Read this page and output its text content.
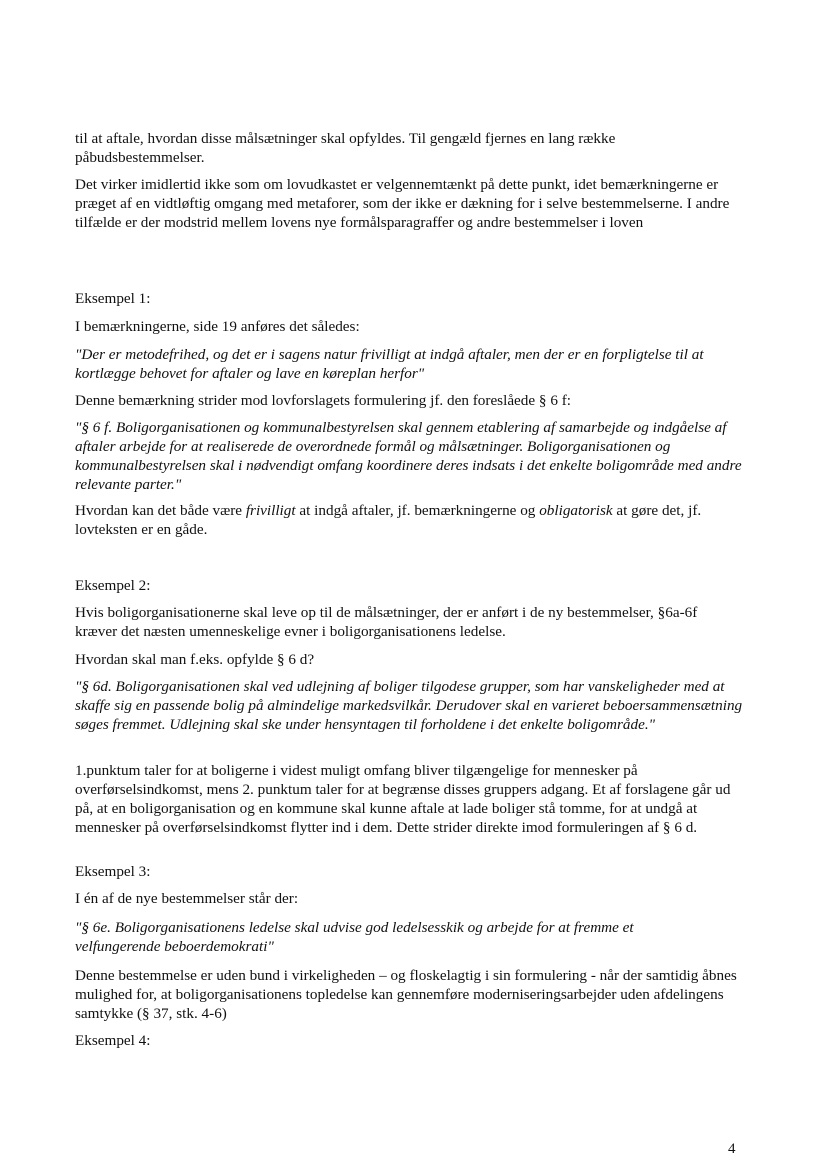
til at aftale, hvordan disse målsætninger skal opfyldes. Til gengæld fjernes en lang række påbudsbestemmelser.

Det virker imidlertid ikke som om lovudkastet er velgennemtænkt på dette punkt, idet bemærkningerne er præget af en vidtløftig omgang med metaforer, som der ikke er dækning for i selve bestemmelserne. I andre tilfælde er der modstrid mellem lovens nye formålsparagraffer og andre bestemmelser i loven

Eksempel 1:

I bemærkningerne, side 19 anføres det således:

"Der er metodefrihed, og det er i sagens natur frivilligt at indgå aftaler, men der er en forpligtelse til at kortlægge behovet for aftaler og lave en køreplan herfor"

Denne bemærkning strider mod lovforslagets formulering jf. den foreslåede § 6 f:

"§ 6 f. Boligorganisationen og kommunalbestyrelsen skal gennem etablering af samarbejde og indgåelse af aftaler arbejde for at realiserede de overordnede formål og målsætninger. Boligorganisationen og kommunalbestyrelsen skal i nødvendigt omfang koordinere deres indsats i det enkelte boligområde med andre relevante parter."

Hvordan kan det både være frivilligt at indgå aftaler, jf. bemærkningerne og obligatorisk at gøre det, jf. lovteksten er en gåde.

Eksempel 2:

Hvis boligorganisationerne skal leve op til de målsætninger, der er anført i de ny bestemmelser, §6a-6f kræver det næsten umenneskelige evner i boligorganisationens ledelse.

Hvordan skal man f.eks. opfylde § 6 d?

"§ 6d. Boligorganisationen skal ved udlejning af boliger tilgodese grupper, som har vanskeligheder med at skaffe sig en passende bolig på almindelige markedsvilkår. Derudover skal en varieret beboersammensætning søges fremmet. Udlejning skal ske under hensyntagen til forholdene i det enkelte boligområde."

1.punktum taler for at boligerne i videst muligt omfang bliver tilgængelige for mennesker på overførselsindkomst, mens 2. punktum taler for at begrænse disses gruppers adgang. Et af forslagene går ud på, at en boligorganisation og en kommune skal kunne aftale at lade boliger stå tomme, for at undgå at mennesker på overførselsindkomst flytter ind i dem. Dette strider direkte imod formuleringen af § 6 d.

Eksempel 3:

I én af de nye bestemmelser står der:

"§ 6e. Boligorganisationens ledelse skal udvise god ledelsesskik og arbejde for at fremme et velfungerende beboerdemokrati"

Denne bestemmelse er uden bund i virkeligheden – og floskelagtig i sin formulering - når der samtidig åbnes mulighed for, at boligorganisationens topledelse kan gennemføre moderniseringsarbejder uden afdelingens samtykke (§ 37, stk. 4-6)

Eksempel 4:

4
